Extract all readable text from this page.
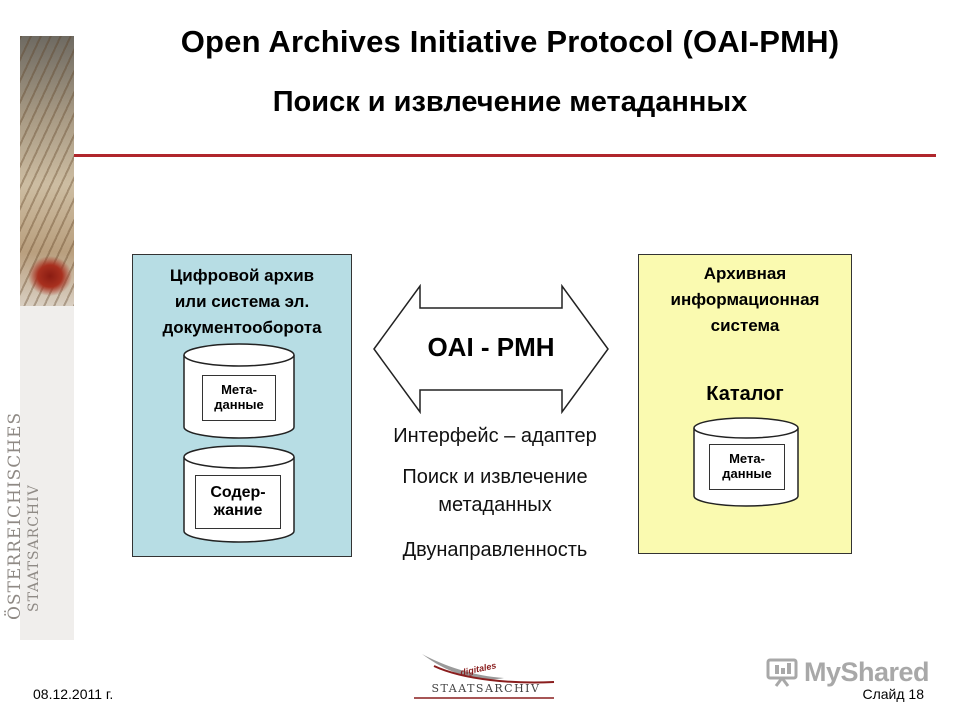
ÖSTERREICHISCHES STAATSARCHIV
Open Archives Initiative Protocol (OAI-PMH)
Поиск и извлечение метаданных
Цифровой архив
или система эл.
документооборота
Мета-
данные
Содер-
жание
OAI - PMH
Интерфейс – адаптер
Поиск и извлечение
метаданных
Двунаправленность
Архивная
информационная
система
Каталог
Мета-
данные
08.12.2011 г.
digitales
STAATSARCHIV
MyShared
Слайд 18
